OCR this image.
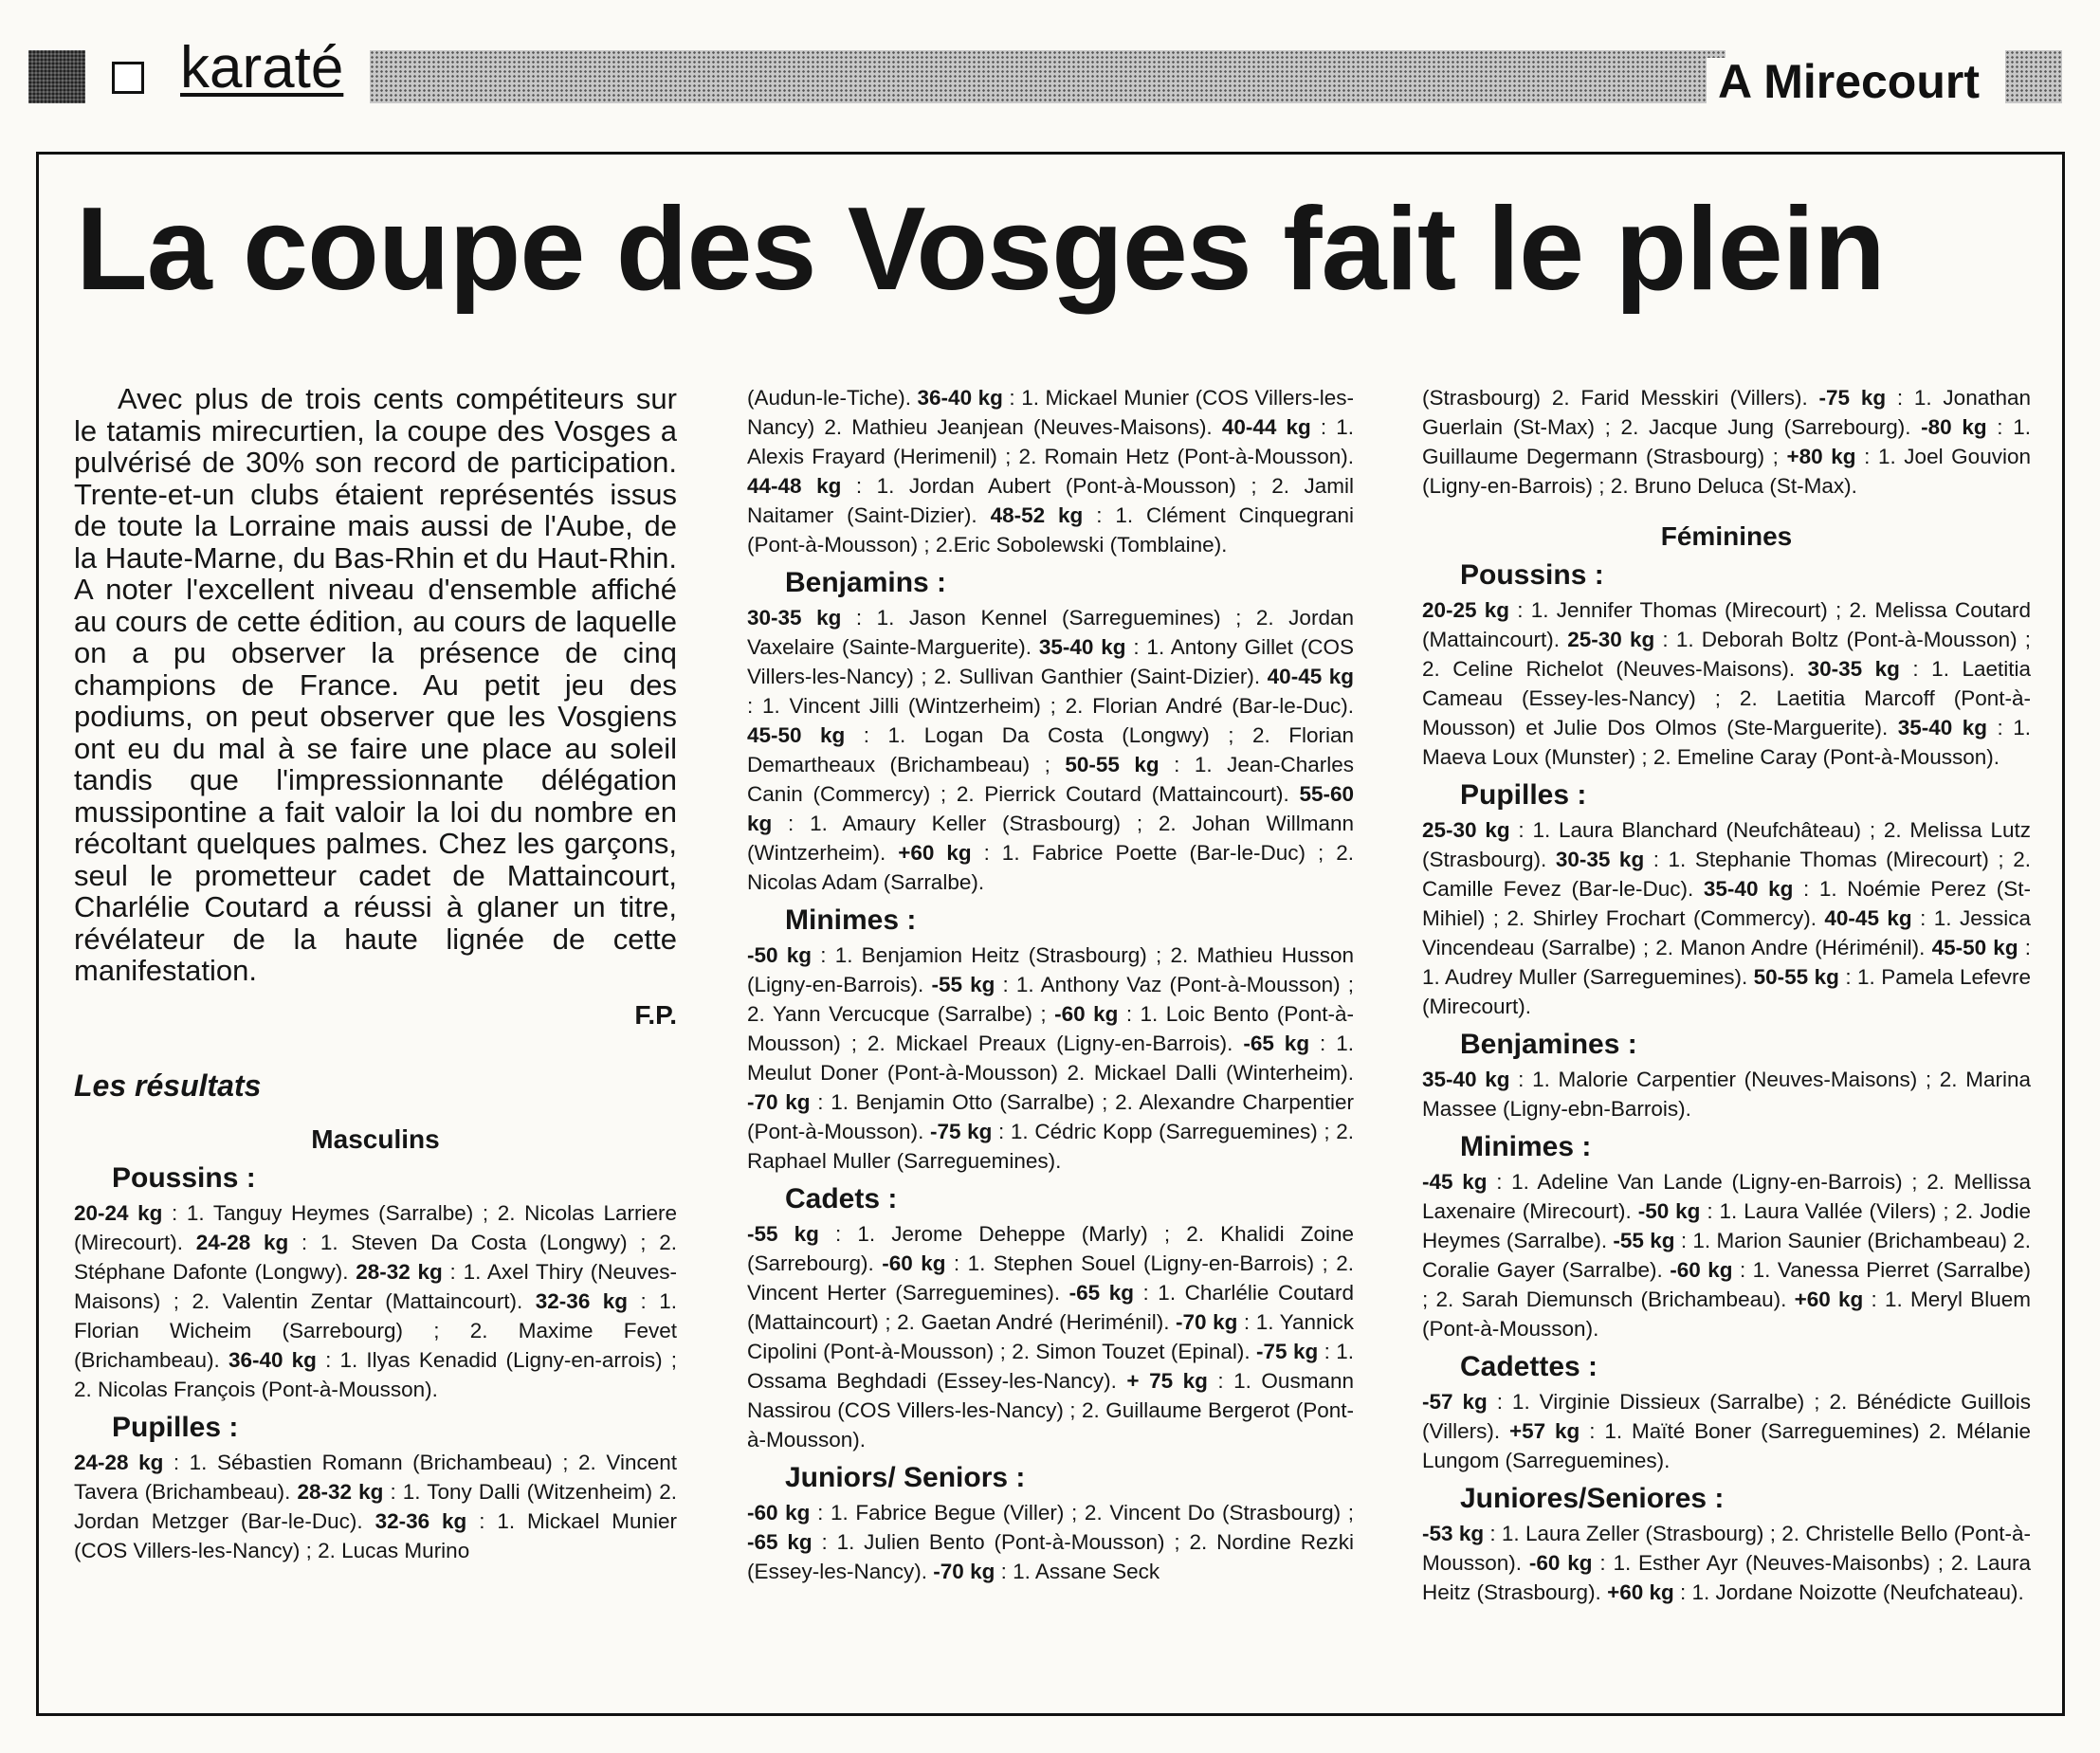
karaté	A Mirecourt
La coupe des Vosges fait le plein

Avec plus de trois cents compétiteurs sur le tatamis mirecurtien, la coupe des Vosges a pulvérisé de 30% son record de participation. Trente-et-un clubs étaient représentés issus de toute la Lorraine mais aussi de l'Aube, de la Haute-Marne, du Bas-Rhin et du Haut-Rhin. A noter l'excellent niveau d'ensemble affiché au cours de cette édition, au cours de laquelle on a pu observer la présence de cinq champions de France. Au petit jeu des podiums, on peut observer que les Vosgiens ont eu du mal à se faire une place au soleil tandis que l'impressionnante délégation mussipontine a fait valoir la loi du nombre en récoltant quelques palmes. Chez les garçons, seul le prometteur cadet de Mattaincourt, Charlélie Coutard a réussi à glaner un titre, révélateur de la haute lignée de cette manifestation.

F.P.
Les résultats
Masculins
Poussins :

20-24 kg : 1. Tanguy Heymes (Sarralbe) ; 2. Nicolas Larriere (Mirecourt). 24-28 kg : 1. Steven Da Costa (Longwy) ; 2. Stéphane Dafonte (Longwy). 28-32 kg : 1. Axel Thiry (Neuves-Maisons) ; 2. Valentin Zentar (Mattaincourt). 32-36 kg : 1. Florian Wicheim (Sarrebourg) ; 2. Maxime Fevet (Brichambeau). 36-40 kg : 1. Ilyas Kenadid (Ligny-en-arrois) ; 2. Nicolas François (Pont-à-Mousson).

Pupilles :

24-28 kg : 1. Sébastien Romann (Brichambeau) ; 2. Vincent Tavera (Brichambeau). 28-32 kg : 1. Tony Dalli (Witzenheim) 2. Jordan Metzger (Bar-le-Duc). 32-36 kg : 1. Mickael Munier (COS Villers-les-Nancy) ; 2. Lucas Murino

(Audun-le-Tiche). 36-40 kg : 1. Mickael Munier (COS Villers-les-Nancy) 2. Mathieu Jeanjean (Neuves-Maisons). 40-44 kg : 1. Alexis Frayard (Herimenil) ; 2. Romain Hetz (Pont-à-Mousson). 44-48 kg : 1. Jordan Aubert (Pont-à-Mousson) ; 2. Jamil Naitamer (Saint-Dizier). 48-52 kg : 1. Clément Cinquegrani (Pont-à-Mousson) ; 2.Eric Sobolewski (Tomblaine).

Benjamins :

30-35 kg : 1. Jason Kennel (Sarreguemines) ; 2. Jordan Vaxelaire (Sainte-Marguerite). 35-40 kg : 1. Antony Gillet (COS Villers-les-Nancy) ; 2. Sullivan Ganthier (Saint-Dizier). 40-45 kg : 1. Vincent Jilli (Wintzerheim) ; 2. Florian André (Bar-le-Duc). 45-50 kg : 1. Logan Da Costa (Longwy) ; 2. Florian Demartheaux (Brichambeau) ; 50-55 kg : 1. Jean-Charles Canin (Commercy) ; 2. Pierrick Coutard (Mattaincourt). 55-60 kg : 1. Amaury Keller (Strasbourg) ; 2. Johan Willmann (Wintzerheim). +60 kg : 1. Fabrice Poette (Bar-le-Duc) ; 2. Nicolas Adam (Sarralbe).

Minimes :

-50 kg : 1. Benjamion Heitz (Strasbourg) ; 2. Mathieu Husson (Ligny-en-Barrois). -55 kg : 1. Anthony Vaz (Pont-à-Mousson) ; 2. Yann Vercucque (Sarralbe) ; -60 kg : 1. Loic Bento (Pont-à-Mousson) ; 2. Mickael Preaux (Ligny-en-Barrois). -65 kg : 1. Meulut Doner (Pont-à-Mousson) 2. Mickael Dalli (Winterheim). -70 kg : 1. Benjamin Otto (Sarralbe) ; 2. Alexandre Charpentier (Pont-à-Mousson). -75 kg : 1. Cédric Kopp (Sarreguemines) ; 2. Raphael Muller (Sarreguemines).

Cadets :

-55 kg : 1. Jerome Deheppe (Marly) ; 2. Khalidi Zoine (Sarrebourg). -60 kg : 1. Stephen Souel (Ligny-en-Barrois) ; 2. Vincent Herter (Sarreguemines). -65 kg : 1. Charlélie Coutard (Mattaincourt) ; 2. Gaetan André (Heriménil). -70 kg : 1. Yannick Cipolini (Pont-à-Mousson) ; 2. Simon Touzet (Epinal). -75 kg : 1. Ossama Beghdadi (Essey-les-Nancy). + 75 kg : 1. Ousmann Nassirou (COS Villers-les-Nancy) ; 2. Guillaume Bergerot (Pont-à-Mousson).

Juniors/ Seniors :

-60 kg : 1. Fabrice Begue (Viller) ; 2. Vincent Do (Strasbourg) ; -65 kg : 1. Julien Bento (Pont-à-Mousson) ; 2. Nordine Rezki (Essey-les-Nancy). -70 kg : 1. Assane Seck

(Strasbourg) 2. Farid Messkiri (Villers). -75 kg : 1. Jonathan Guerlain (St-Max) ; 2. Jacque Jung (Sarrebourg). -80 kg : 1. Guillaume Degermann (Strasbourg) ; +80 kg : 1. Joel Gouvion (Ligny-en-Barrois) ; 2. Bruno Deluca (St-Max).

Féminines
Poussins :

20-25 kg : 1. Jennifer Thomas (Mirecourt) ; 2. Melissa Coutard (Mattaincourt). 25-30 kg : 1. Deborah Boltz (Pont-à-Mousson) ; 2. Celine Richelot (Neuves-Maisons). 30-35 kg : 1. Laetitia Cameau (Essey-les-Nancy) ; 2. Laetitia Marcoff (Pont-à-Mousson) et Julie Dos Olmos (Ste-Marguerite). 35-40 kg : 1. Maeva Loux (Munster) ; 2. Emeline Caray (Pont-à-Mousson).

Pupilles :

25-30 kg : 1. Laura Blanchard (Neufchâteau) ; 2. Melissa Lutz (Strasbourg). 30-35 kg : 1. Stephanie Thomas (Mirecourt) ; 2. Camille Fevez (Bar-le-Duc). 35-40 kg : 1. Noémie Perez (St-Mihiel) ; 2. Shirley Frochart (Commercy). 40-45 kg : 1. Jessica Vincendeau (Sarralbe) ; 2. Manon Andre (Hériménil). 45-50 kg : 1. Audrey Muller (Sarreguemines). 50-55 kg : 1. Pamela Lefevre (Mirecourt).

Benjamines :

35-40 kg : 1. Malorie Carpentier (Neuves-Maisons) ; 2. Marina Massee (Ligny-ebn-Barrois).

Minimes :

-45 kg : 1. Adeline Van Lande (Ligny-en-Barrois) ; 2. Mellissa Laxenaire (Mirecourt). -50 kg : 1. Laura Vallée (Vilers) ; 2. Jodie Heymes (Sarralbe). -55 kg : 1. Marion Saunier (Brichambeau) 2. Coralie Gayer (Sarralbe). -60 kg : 1. Vanessa Pierret (Sarralbe) ; 2. Sarah Diemunsch (Brichambeau). +60 kg : 1. Meryl Bluem (Pont-à-Mousson).

Cadettes :

-57 kg : 1. Virginie Dissieux (Sarralbe) ; 2. Bénédicte Guillois (Villers). +57 kg : 1. Maïté Boner (Sarreguemines) 2. Mélanie Lungom (Sarreguemines).

Juniores/Seniores :

-53 kg : 1. Laura Zeller (Strasbourg) ; 2. Christelle Bello (Pont-à-Mousson). -60 kg : 1. Esther Ayr (Neuves-Maisonbs) ; 2. Laura Heitz (Strasbourg). +60 kg : 1. Jordane Noizotte (Neufchateau).
